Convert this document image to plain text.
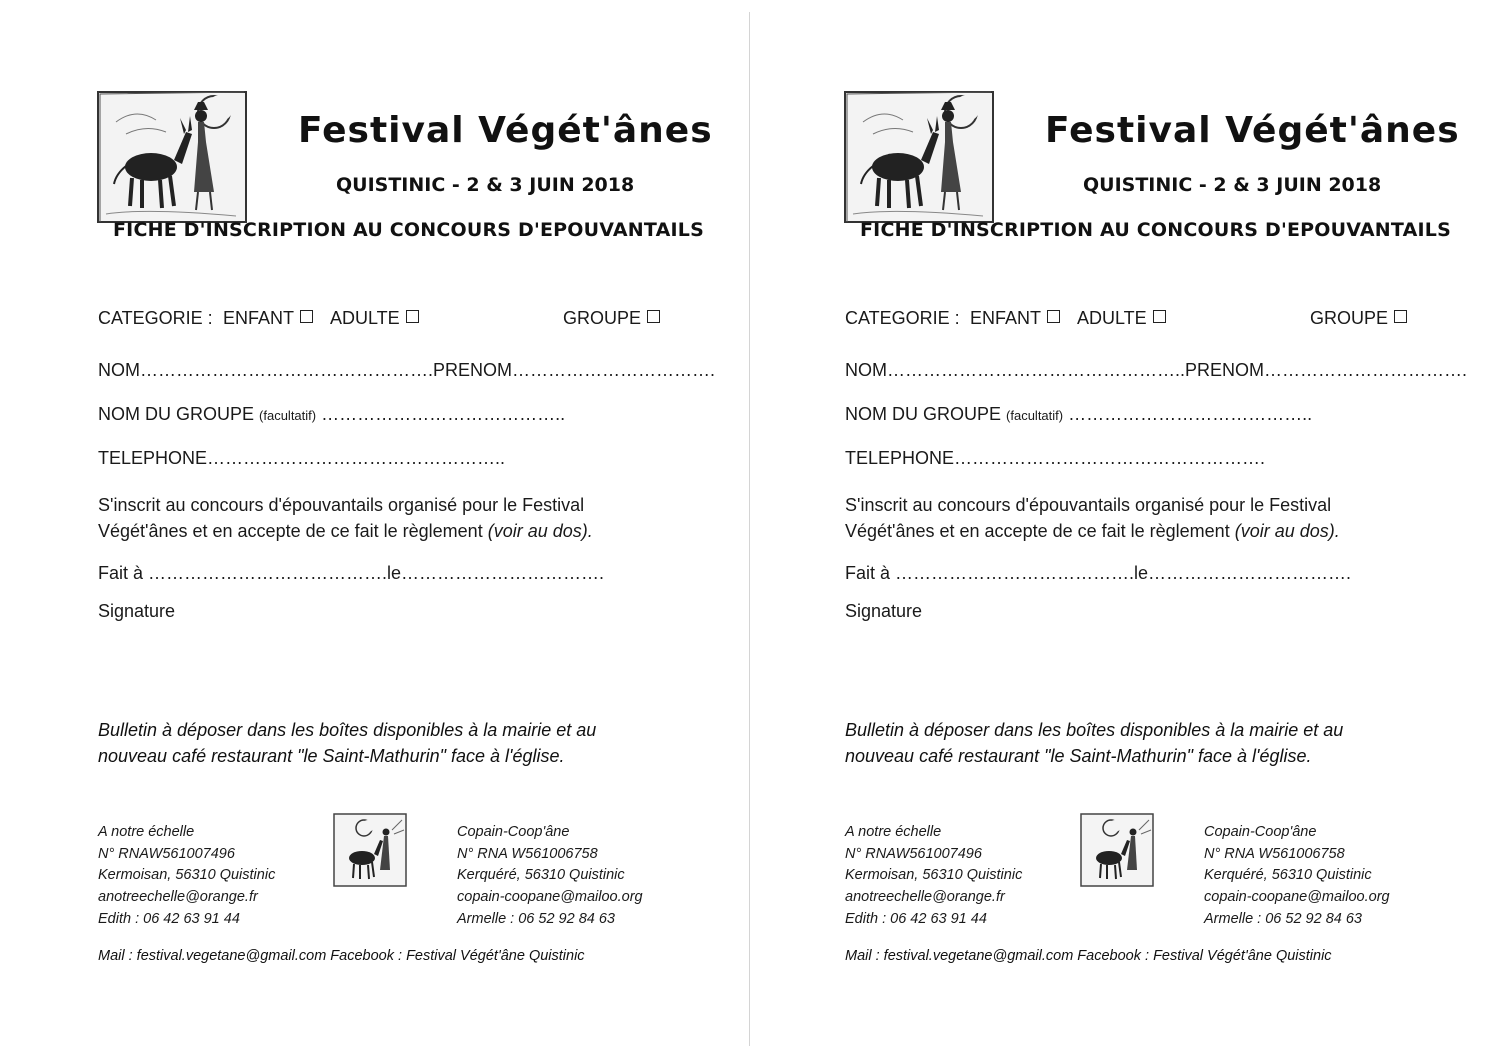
Festival Végét'ânes
QUISTINIC - 2 & 3 JUIN 2018
FICHE D'INSCRIPTION AU CONCOURS D'EPOUVANTAILS
CATEGORIE : ENFANT	ADULTE	GROUPE
NOM………………………………………….PRENOM…………………………….
NOM DU GROUPE (facultatif) …………………………………..
TELEPHONE…………………………………………..
S'inscrit au concours d'épouvantails organisé pour le Festival Végét'ânes et en accepte de ce fait le règlement (voir au dos).
Fait à ………………………………….le…………………………….
Signature
Bulletin à déposer dans les boîtes disponibles à la mairie et au nouveau café restaurant "le Saint-Mathurin" face à l'église.
A notre échelle
N° RNAW561007496
Kermoisan, 56310 Quistinic
anotreechelle@orange.fr
Edith : 06 42 63 91 44
Copain-Coop'âne
N° RNA W561006758
Kerquéré, 56310 Quistinic
copain-coopane@mailoo.org
Armelle : 06 52 92 84 63
Mail : festival.vegetane@gmail.com Facebook : Festival Végét'âne Quistinic
Festival Végét'ânes
QUISTINIC - 2 & 3 JUIN 2018
FICHE D'INSCRIPTION AU CONCOURS D'EPOUVANTAILS
CATEGORIE : ENFANT	ADULTE	GROUPE
NOM…………………………………………..PRENOM…………………………….
NOM DU GROUPE (facultatif) …………………………………..
TELEPHONE…………………………………………….
S'inscrit au concours d'épouvantails organisé pour le Festival Végét'ânes et en accepte de ce fait le règlement (voir au dos).
Fait à ………………………………….le…………………………….
Signature
Bulletin à déposer dans les boîtes disponibles à la mairie et au nouveau café restaurant "le Saint-Mathurin" face à l'église.
A notre échelle
N° RNAW561007496
Kermoisan, 56310 Quistinic
anotreechelle@orange.fr
Edith : 06 42 63 91 44
Copain-Coop'âne
N° RNA W561006758
Kerquéré, 56310 Quistinic
copain-coopane@mailoo.org
Armelle : 06 52 92 84 63
Mail : festival.vegetane@gmail.com Facebook : Festival Végét'âne Quistinic
